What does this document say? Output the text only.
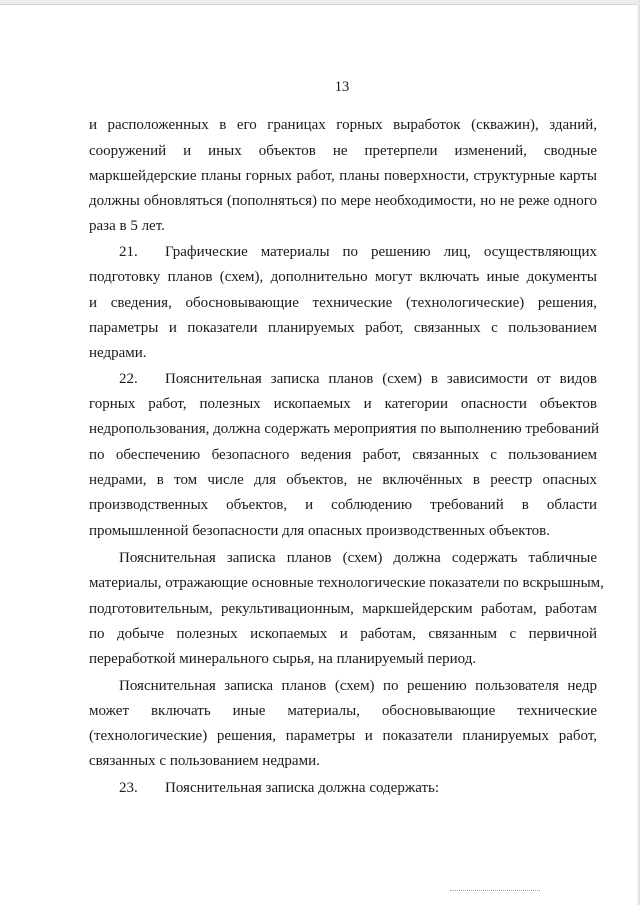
13
и расположенных в его границах горных выработок (скважин), зданий,
сооружений и иных объектов не претерпели изменений, сводные
маркшейдерские планы горных работ, планы поверхности, структурные карты
должны обновляться (пополняться) по мере необходимости, но не реже одного
раза в 5 лет.
21.	Графические материалы по решению лиц, осуществляющих
подготовку планов (схем), дополнительно могут включать иные документы
и сведения, обосновывающие технические (технологические) решения,
параметры и показатели планируемых работ, связанных с пользованием
недрами.
22.	Пояснительная записка планов (схем) в зависимости от видов
горных работ, полезных ископаемых и категории опасности объектов
недропользования, должна содержать мероприятия по выполнению требований
по обеспечению безопасного ведения работ, связанных с пользованием
недрами, в том числе для объектов, не включённых в реестр опасных
производственных объектов, и соблюдению требований в области
промышленной безопасности для опасных производственных объектов.
Пояснительная записка планов (схем) должна содержать табличные
материалы, отражающие основные технологические показатели по вскрышным,
подготовительным, рекультивационным, маркшейдерским работам, работам
по добыче полезных ископаемых и работам, связанным с первичной
переработкой минерального сырья, на планируемый период.
Пояснительная записка планов (схем) по решению пользователя недр
может включать иные материалы, обосновывающие технические
(технологические) решения, параметры и показатели планируемых работ,
связанных с пользованием недрами.
23.	Пояснительная записка должна содержать:
